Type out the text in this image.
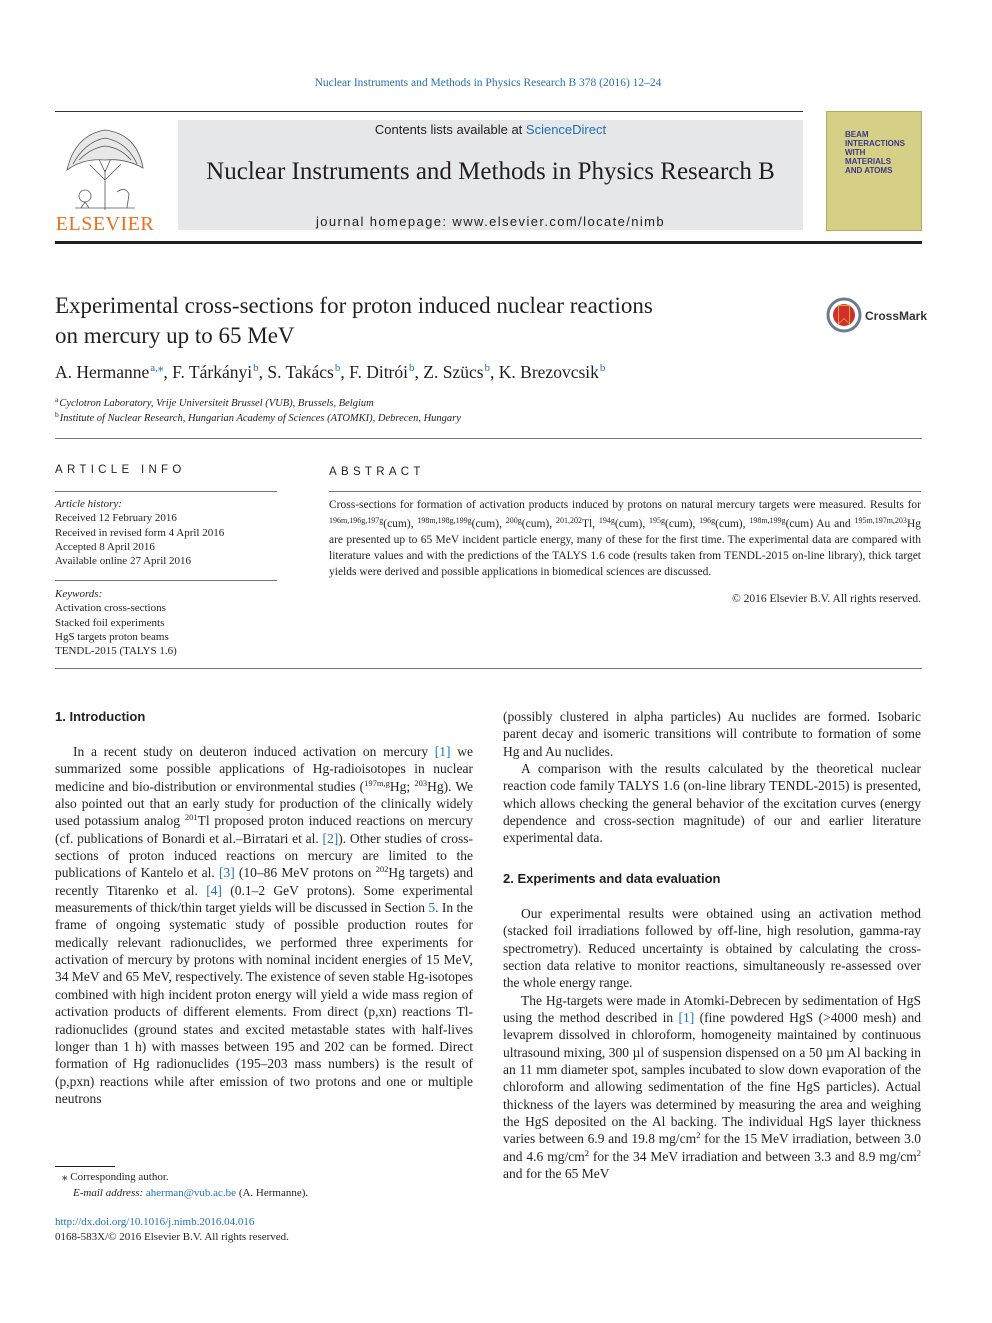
Nuclear Instruments and Methods in Physics Research B 378 (2016) 12–24
ELSEVIER
Contents lists available at ScienceDirect
Nuclear Instruments and Methods in Physics Research B
journal homepage: www.elsevier.com/locate/nimb
BEAM
INTERACTIONS
WITH
MATERIALS
AND ATOMS
Experimental cross-sections for proton induced nuclear reactions
on mercury up to 65 MeV
CrossMark
A. Hermanne$^{a,⁎}$, F. Tárkányi$^b$, S. Takács$^b$, F. Ditrói$^b$, Z. Szücs$^b$, K. Brezovcsik$^b$
$^a$Cyclotron Laboratory, Vrije Universiteit Brussel (VUB), Brussels, Belgium
$^b$Institute of Nuclear Research, Hungarian Academy of Sciences (ATOMKI), Debrecen, Hungary
ARTICLE INFO
Article history:
Received 12 February 2016
Received in revised form 4 April 2016
Accepted 8 April 2016
Available online 27 April 2016
Keywords:
Activation cross-sections
Stacked foil experiments
HgS targets proton beams
TENDL-2015 (TALYS 1.6)
ABSTRACT
Cross-sections for formation of activation products induced by protons on natural mercury targets were measured. Results for $^{196m,196g,197g}$(cum), $^{198m,198g,199g}$(cum), $^{200g}$(cum), $^{201,202}$Tl, $^{194g}$(cum), $^{195g}$(cum), $^{196g}$(cum), $^{198m,199g}$(cum) Au and $^{195m,197m,203}$Hg are presented up to 65 MeV incident particle energy, many of these for the first time. The experimental data are compared with literature values and with the predictions of the TALYS 1.6 code (results taken from TENDL-2015 on-line library), thick target yields were derived and possible applications in biomedical sciences are discussed.
© 2016 Elsevier B.V. All rights reserved.
1. Introduction

In a recent study on deuteron induced activation on mercury [1] we summarized some possible applications of Hg-radioisotopes in nuclear medicine and bio-distribution or environmental studies ($^{197m,g}$Hg; $^{203}$Hg). We also pointed out that an early study for production of the clinically widely used potassium analog $^{201}$Tl proposed proton induced reactions on mercury (cf. publications of Bonardi et al.–Birratari et al. [2]). Other studies of cross-sections of proton induced reactions on mercury are limited to the publications of Kantelo et al. [3] (10–86 MeV protons on $^{202}$Hg targets) and recently Titarenko et al. [4] (0.1–2 GeV protons). Some experimental measurements of thick/thin target yields will be discussed in Section 5. In the frame of ongoing systematic study of possible production routes for medically relevant radionuclides, we performed three experiments for activation of mercury by protons with nominal incident energies of 15 MeV, 34 MeV and 65 MeV, respectively. The existence of seven stable Hg-isotopes combined with high incident proton energy will yield a wide mass region of activation products of different elements. From direct (p,xn) reactions Tl-radionuclides (ground states and excited metastable states with half-lives longer than 1 h) with masses between 195 and 202 can be formed. Direct formation of Hg radionuclides (195–203 mass numbers) is the result of (p,pxn) reactions while after emission of two protons and one or multiple neutrons

(possibly clustered in alpha particles) Au nuclides are formed. Isobaric parent decay and isomeric transitions will contribute to formation of some Hg and Au nuclides.

A comparison with the results calculated by the theoretical nuclear reaction code family TALYS 1.6 (on-line library TENDL-2015) is presented, which allows checking the general behavior of the excitation curves (energy dependence and cross-section magnitude) of our and earlier literature experimental data.

2. Experiments and data evaluation

Our experimental results were obtained using an activation method (stacked foil irradiations followed by off-line, high resolution, gamma-ray spectrometry). Reduced uncertainty is obtained by calculating the cross-section data relative to monitor reactions, simultaneously re-assessed over the whole energy range.

The Hg-targets were made in Atomki-Debrecen by sedimentation of HgS using the method described in [1] (fine powdered HgS (>4000 mesh) and levaprem dissolved in chloroform, homogeneity maintained by continuous ultrasound mixing, 300 µl of suspension dispensed on a 50 µm Al backing in an 11 mm diameter spot, samples incubated to slow down evaporation of the chloroform and allowing sedimentation of the fine HgS particles). Actual thickness of the layers was determined by measuring the area and weighing the HgS deposited on the Al backing. The individual HgS layer thickness varies between 6.9 and 19.8 $mg/cm^2$ for the 15 MeV irradiation, between 3.0 and 4.6 $mg/cm^2$ for the 34 MeV irradiation and between 3.3 and 8.9 $mg/cm^2$ and for the 65 MeV

⁎ Corresponding author.
E-mail address: aherman@vub.ac.be (A. Hermanne).
http://dx.doi.org/10.1016/j.nimb.2016.04.016
0168-583X/© 2016 Elsevier B.V. All rights reserved.
